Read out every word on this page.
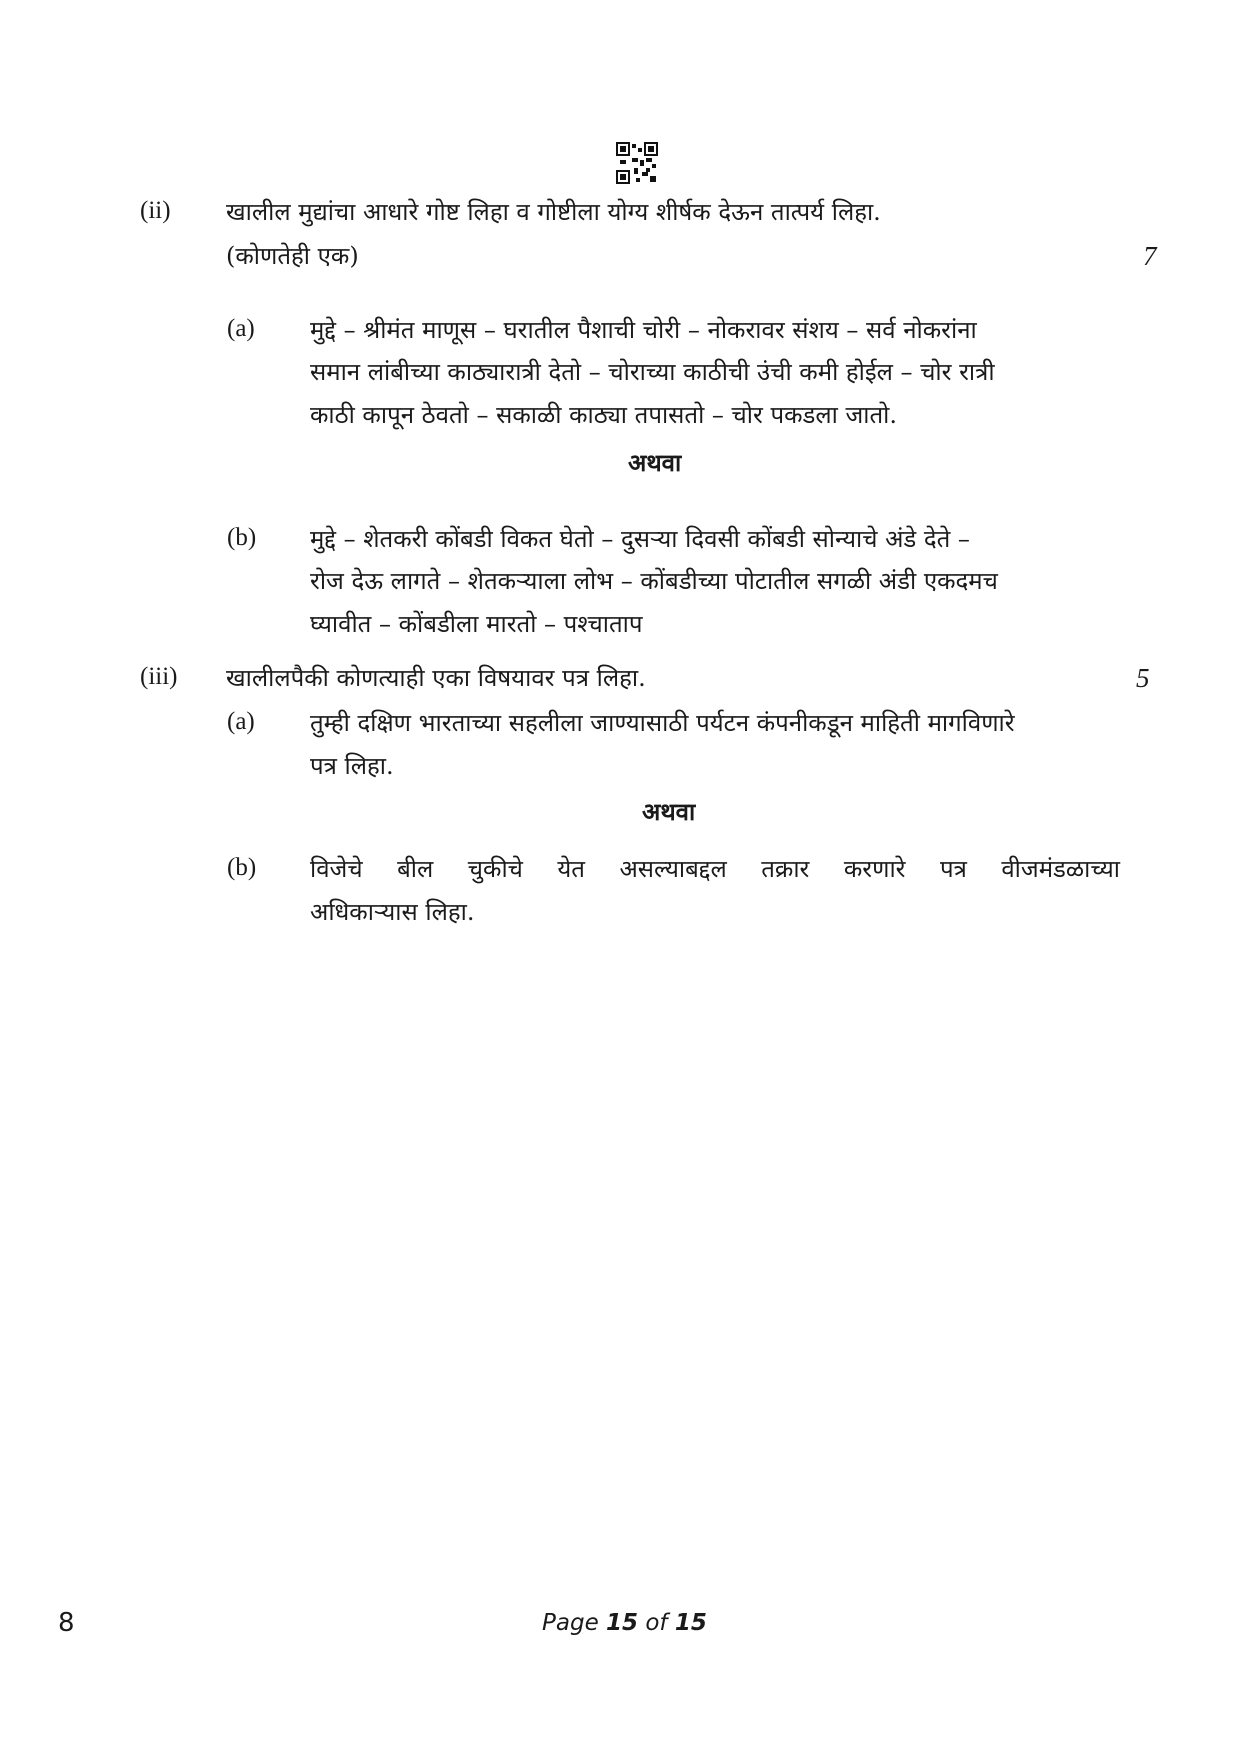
(ii) खालील मुद्यांचा आधारे गोष्ट लिहा व गोष्टीला योग्य शीर्षक देऊन तात्पर्य लिहा.
(कोणतेही एक)	7
(a) मुद्दे – श्रीमंत माणूस – घरातील पैशाची चोरी – नोकरावर संशय – सर्व नोकरांना
समान लांबीच्या काठ्यारात्री देतो – चोराच्या काठीची उंची कमी होईल – चोर रात्री
काठी कापून ठेवतो – सकाळी काठ्या तपासतो – चोर पकडला जातो.
अथवा
(b) मुद्दे – शेतकरी कोंबडी विकत घेतो – दुसऱ्या दिवसी कोंबडी सोन्याचे अंडे देते –
रोज देऊ लागते – शेतकऱ्याला लोभ – कोंबडीच्या पोटातील सगळी अंडी एकदमच
घ्यावीत – कोंबडीला मारतो – पश्चाताप
(iii) खालीलपैकी कोणत्याही एका विषयावर पत्र लिहा.	5
(a) तुम्ही दक्षिण भारताच्या सहलीला जाण्यासाठी पर्यटन कंपनीकडून माहिती मागविणारे
पत्र लिहा.
अथवा
(b) विजेचे बील चुकीचे येत असल्याबद्दल तक्रार करणारे पत्र वीजमंडळाच्या
अधिकाऱ्यास लिहा.
8	Page 15 of 15
